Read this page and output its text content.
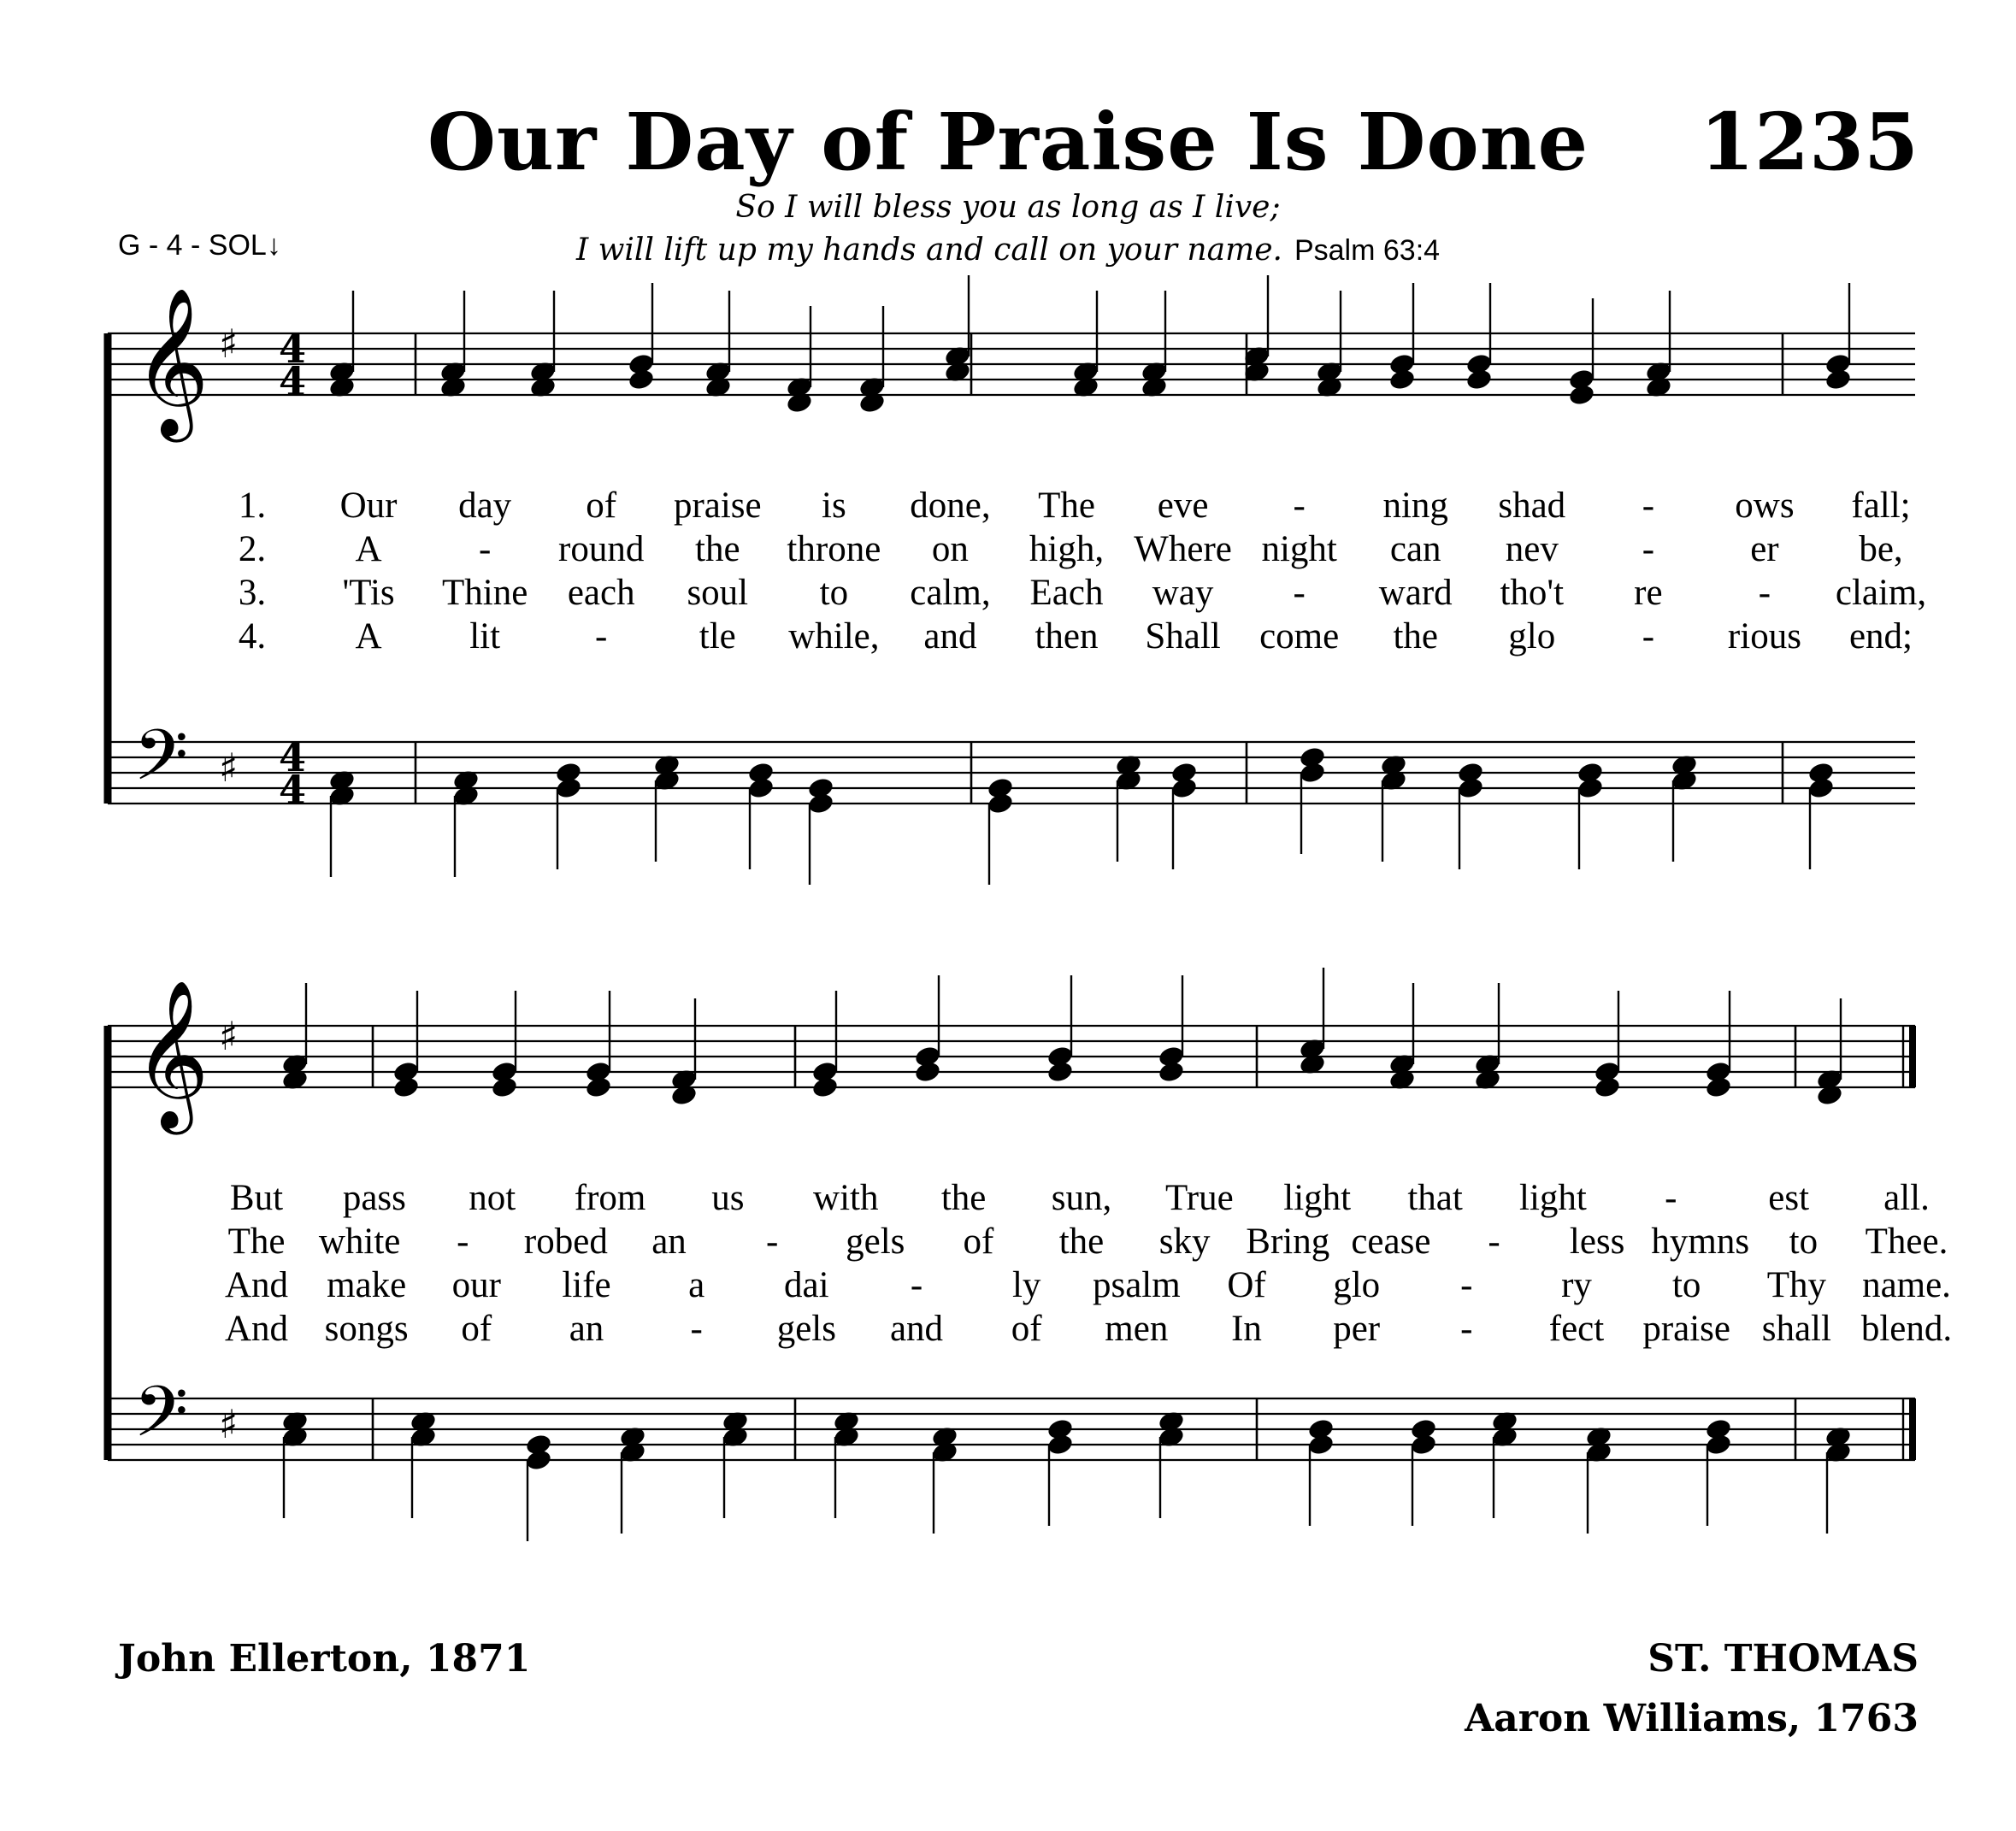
Our Day of Praise Is Done	1235
So I will bless you as long as I live;
I will lift up my hands and call on your name. Psalm 63:4
G - 4 - SOL↓
𝄞 ♯ 4
4
𝄢 ♯ 4
4
𝄞 ♯
𝄢 ♯
1. Our day of praise is done, The eve - ning shad - ows fall;
2. A	- round the throne on high, Where night can nev -	er be,
3. 'Tis Thine each soul to calm, Each way - ward tho't re	- claim,
4. A lit	- tle while, and then Shall come the glo - rious end;
But pass not from us with the sun, True light that light - est all.
The white - robed an - gels of the sky Bring cease - less hymns to Thee.
And make our life a dai - ly psalm Of glo - ry to Thy name.
And songs of an - gels and of men In per - fect praise shall blend.
John Ellerton, 1871	ST. THOMAS
Aaron Williams, 1763
